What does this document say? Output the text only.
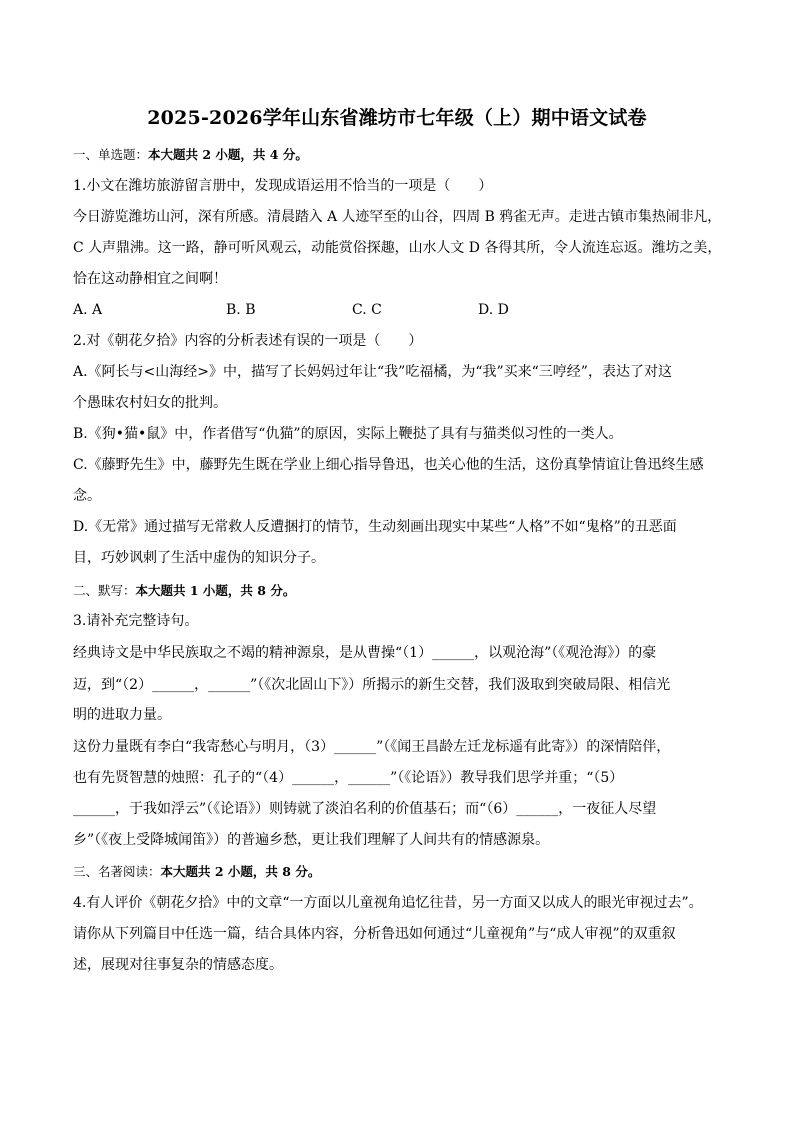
2025-2026学年山东省潍坊市七年级（上）期中语文试卷
一、单选题：本大题共 2 小题，共 4 分。
1.小文在潍坊旅游留言册中，发现成语运用不恰当的一项是（　　）
今日游览潍坊山河，深有所感。清晨踏入 A 人迹罕至的山谷，四周 B 鸦雀无声。走进古镇市集热闹非凡，
C 人声鼎沸。这一路，静可听风观云，动能赏俗探趣，山水人文 D 各得其所，令人流连忘返。潍坊之美，
恰在这动静相宜之间啊！
A. A	B. B	C. C	D. D
2.对《朝花夕拾》内容的分析表述有误的一项是（　　）
A.《阿长与<山海经>》中，描写了长妈妈过年让“我”吃福橘，为“我”买来“三哼经”，表达了对这
个愚昧农村妇女的批判。
B.《狗•猫•鼠》中，作者借写“仇猫”的原因，实际上鞭挞了具有与猫类似习性的一类人。
C.《藤野先生》中，藤野先生既在学业上细心指导鲁迅，也关心他的生活，这份真挚情谊让鲁迅终生感
念。
D.《无常》通过描写无常救人反遭捆打的情节，生动刻画出现实中某些“人格”不如“鬼格”的丑恶面
目，巧妙讽刺了生活中虚伪的知识分子。
二、默写：本大题共 1 小题，共 8 分。
3.请补充完整诗句。
经典诗文是中华民族取之不竭的精神源泉，是从曹操“（1）______，以观沧海”（《观沧海》）的豪
迈，到“（2）______，______”（《次北固山下》）所揭示的新生交替，我们汲取到突破局限、相信光
明的进取力量。
这份力量既有李白“我寄愁心与明月，（3）______”（《闻王昌龄左迁龙标遥有此寄》）的深情陪伴，
也有先贤智慧的烛照：孔子的“（4）______，______”（《论语》）教导我们思学并重；“（5）
______，于我如浮云”（《论语》）则铸就了淡泊名利的价值基石；而“（6）______，一夜征人尽望
乡”（《夜上受降城闻笛》）的普遍乡愁，更让我们理解了人间共有的情感源泉。
三、名著阅读：本大题共 2 小题，共 8 分。
4.有人评价《朝花夕拾》中的文章“一方面以儿童视角追忆往昔，另一方面又以成人的眼光审视过去”。
请你从下列篇目中任选一篇，结合具体内容，分析鲁迅如何通过“儿童视角”与“成人审视”的双重叙
述，展现对往事复杂的情感态度。
